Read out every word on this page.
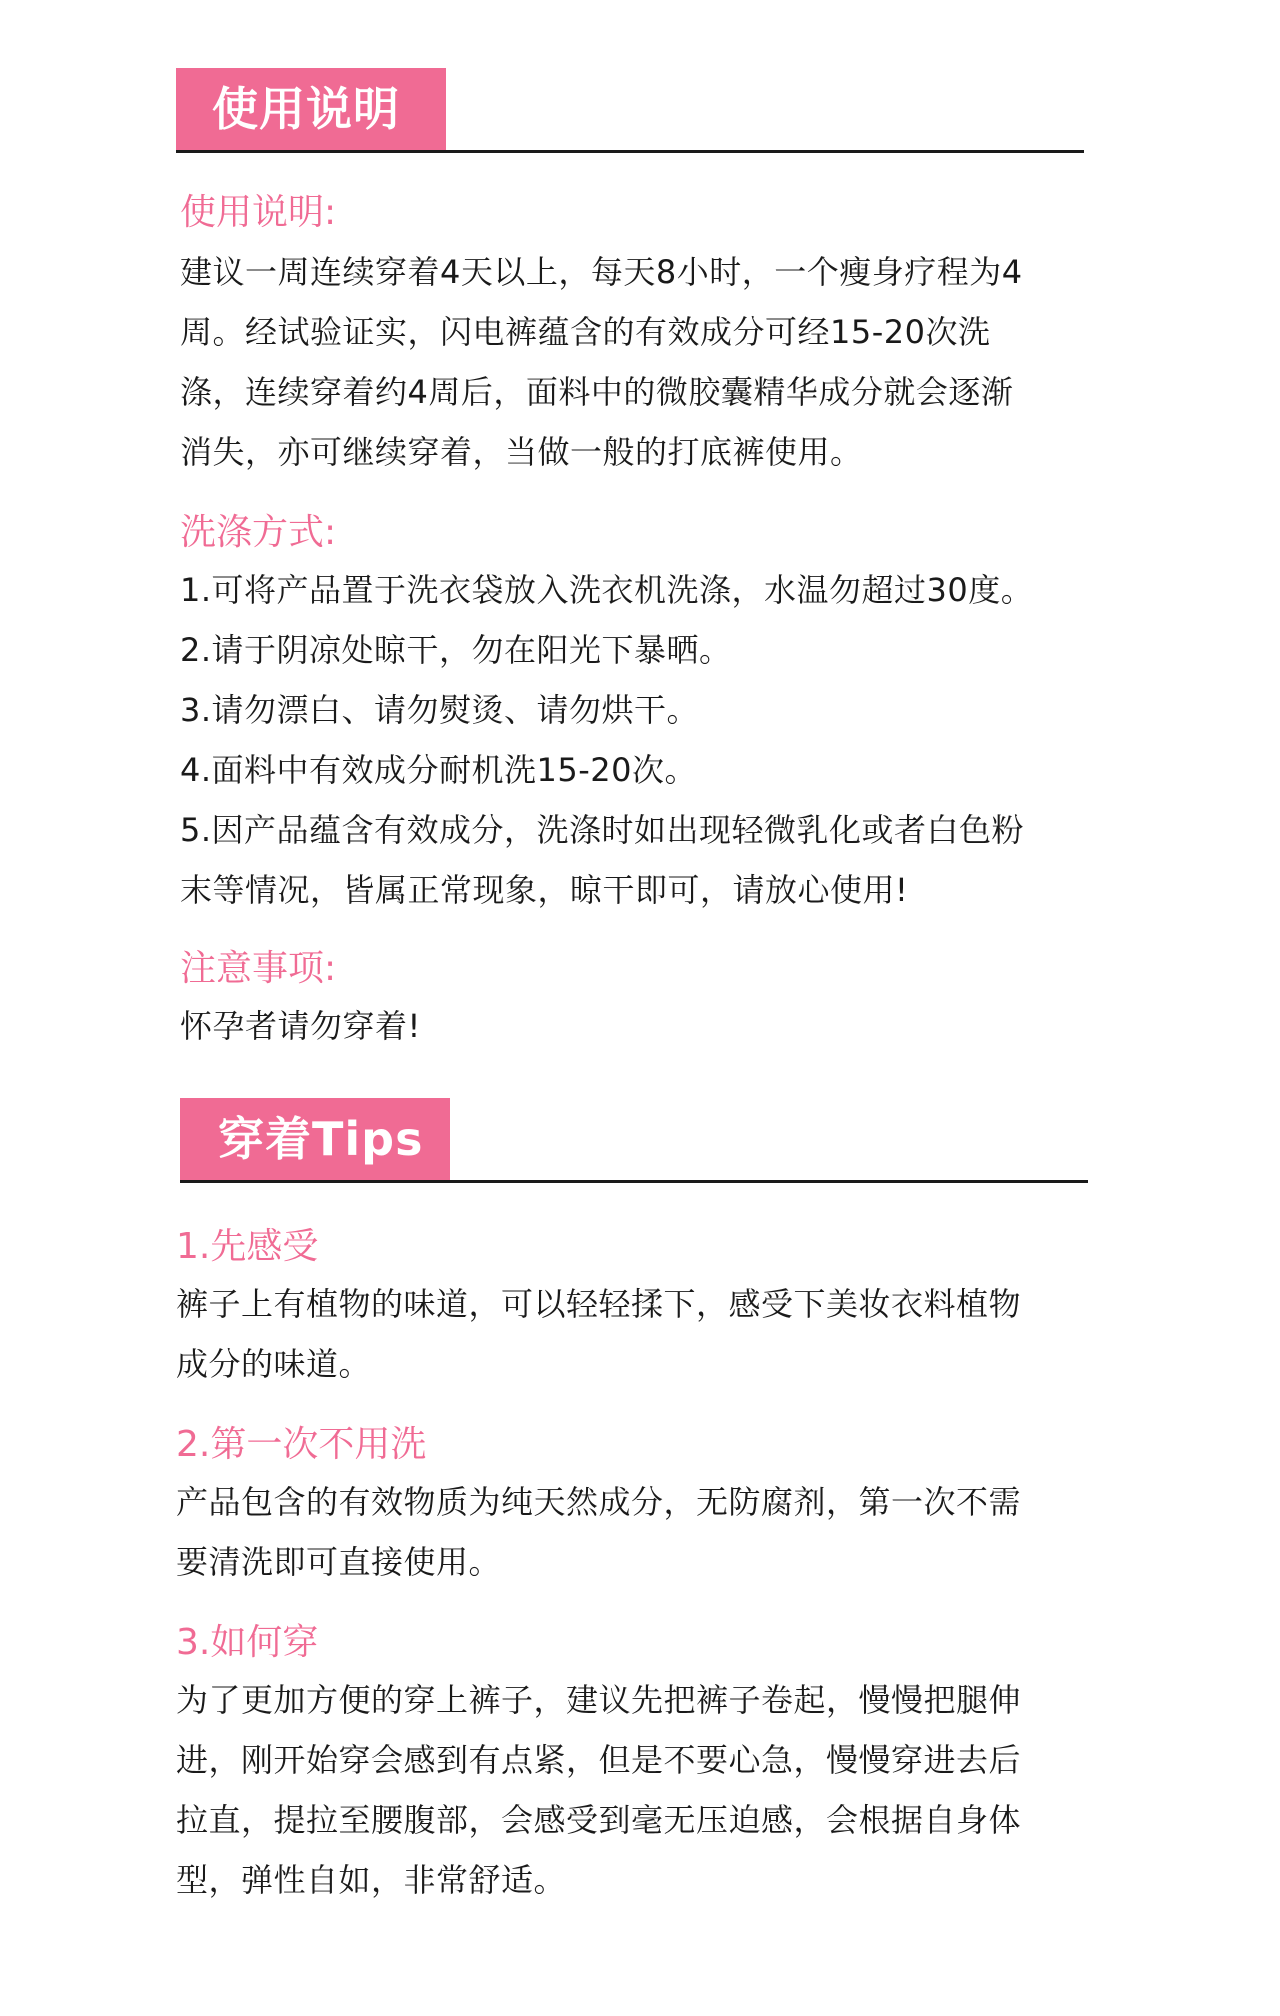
使用说明
使用说明:
建议一周连续穿着4天以上，每天8小时，一个瘦身疗程为4
周。经试验证实，闪电裤蕴含的有效成分可经15-20次洗
涤，连续穿着约4周后，面料中的微胶囊精华成分就会逐渐
消失，亦可继续穿着，当做一般的打底裤使用。
洗涤方式:
1.可将产品置于洗衣袋放入洗衣机洗涤，水温勿超过30度。
2.请于阴凉处晾干，勿在阳光下暴晒。
3.请勿漂白、请勿熨烫、请勿烘干。
4.面料中有效成分耐机洗15-20次。
5.因产品蕴含有效成分，洗涤时如出现轻微乳化或者白色粉
末等情况，皆属正常现象，晾干即可，请放心使用!
注意事项:
怀孕者请勿穿着!
穿着Tips
1.先感受
裤子上有植物的味道，可以轻轻揉下，感受下美妆衣料植物
成分的味道。
2.第一次不用洗
产品包含的有效物质为纯天然成分，无防腐剂，第一次不需
要清洗即可直接使用。
3.如何穿
为了更加方便的穿上裤子，建议先把裤子卷起，慢慢把腿伸
进，刚开始穿会感到有点紧，但是不要心急，慢慢穿进去后
拉直，提拉至腰腹部，会感受到毫无压迫感，会根据自身体
型，弹性自如，非常舒适。
